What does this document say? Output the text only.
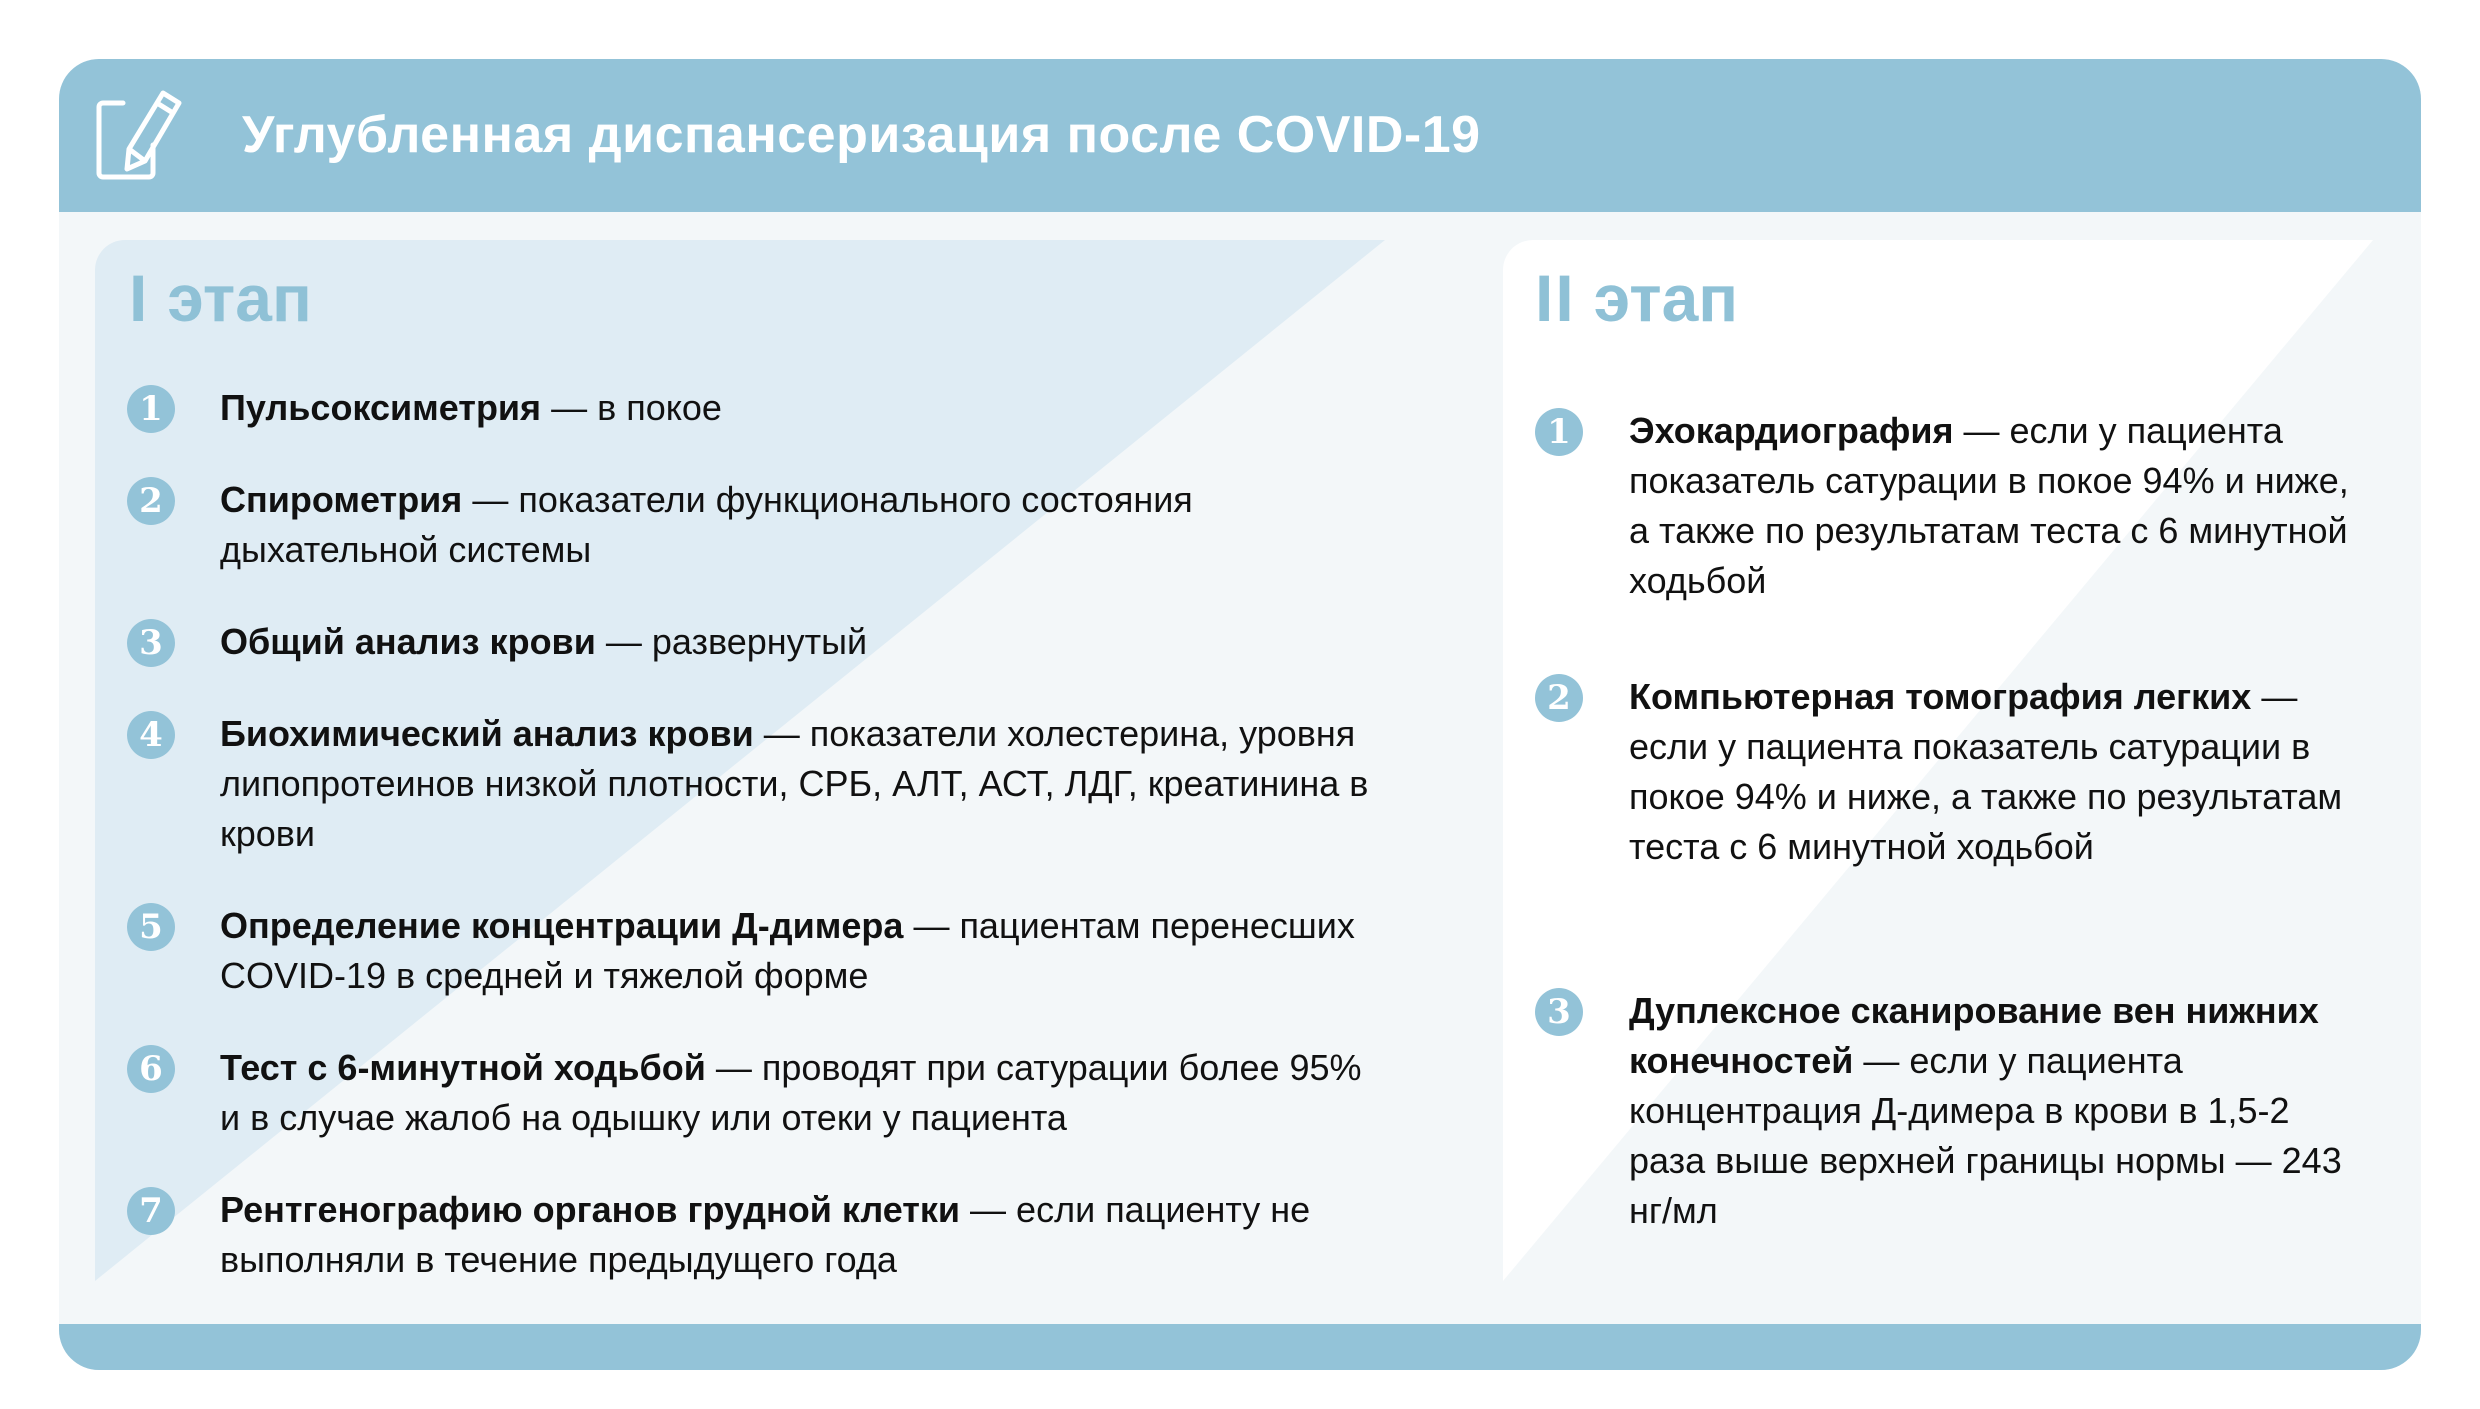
Углубленная диспансеризация после COVID-19
I этап
1	Пульсоксиметрия — в покое
2	Спирометрия — показатели функционального состояния дыхательной системы
3	Общий анализ крови — развернутый
4	Биохимический анализ крови — показатели холестерина, уровня липопротеинов низкой плотности, СРБ, АЛТ, АСТ, ЛДГ, креатинина в крови
5	Определение концентрации Д-димера — пациентам перенесших COVID-19 в средней и тяжелой форме
6	Тест с 6-минутной ходьбой — проводят при сатурации более 95% и в случае жалоб на одышку или отеки у пациента
7	Рентгенографию органов грудной клетки — если пациенту не выполняли в течение предыдущего года
II этап
1	Эхокардиография — если у пациента показатель сатурации в покое 94% и ниже, а также по результатам теста с 6 минутной ходьбой
2	Компьютерная томография легких — если у пациента показатель сатурации в покое 94% и ниже, а также по результатам теста с 6 минутной ходьбой
3	Дуплексное сканирование вен нижних конечностей — если у пациента концентрация Д-димера в крови в 1,5-2 раза выше верхней границы нормы — 243 нг/мл
